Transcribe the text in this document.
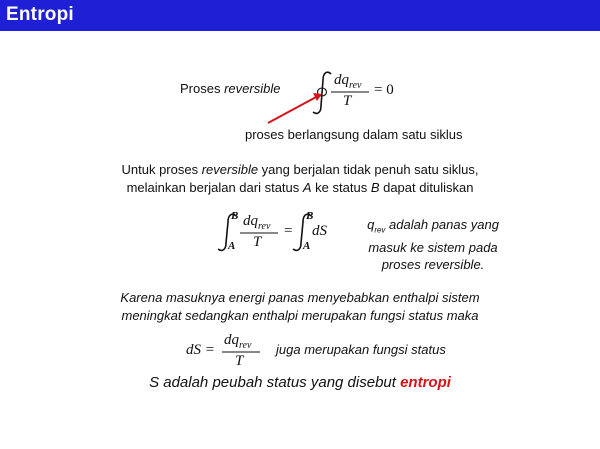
Entropi
Proses reversible
$dq_{rev}$
T
= 0
proses berlangsung dalam satu siklus
Untuk proses reversible yang berjalan tidak penuh satu siklus,
melainkan berjalan dari status A ke status B dapat dituliskan
B
A
$dq_{rev}$
T
=
B
A
dS	$q_{rev}$ adalah panas yang
masuk ke sistem pada
proses reversible.
Karena masuknya energi panas menyebabkan enthalpi sistem
meningkat sedangkan enthalpi merupakan fungsi status maka
dS =
$dq_{rev}$
T
juga merupakan fungsi status
S adalah peubah status yang disebut entropi
